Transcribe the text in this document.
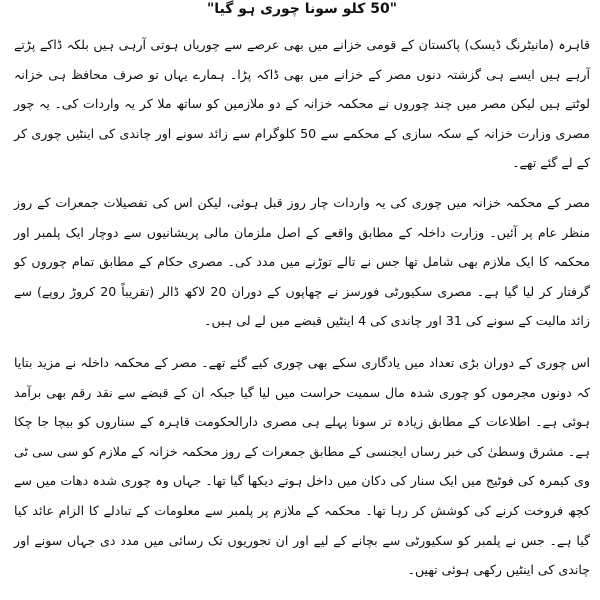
"50 کلو سونا چوری ہو گیا"

قاہرہ (مانیٹرنگ ڈیسک) پاکستان کے قومی خزانے میں بھی عرصے سے چوریاں ہوتی آرہی ہیں بلکہ ڈاکے پڑتے آرہے ہیں ایسے ہی گزشتہ دنوں مصر کے خزانے میں بھی ڈاکہ پڑا۔ ہمارے یہاں تو صرف محافظ ہی خزانہ لوٹتے ہیں لیکن مصر میں چند چوروں نے محکمہ خزانہ کے دو ملازمین کو ساتھ ملا کر یہ واردات کی۔ یہ چور مصری وزارت خزانہ کے سکہ سازی کے محکمے سے 50 کلوگرام سے زائد سونے اور چاندی کی اینٹیں چوری کر کے لے گئے تھے۔

مصر کے محکمہ خزانہ میں چوری کی یہ واردات چار روز قبل ہوئی، لیکن اس کی تفصیلات جمعرات کے روز منظر عام پر آئیں۔ وزارت داخلہ کے مطابق واقعے کے اصل ملزمان مالی پریشانیوں سے دوچار ایک پلمبر اور محکمہ کا ایک ملازم بھی شامل تھا جس نے تالے توڑنے میں مدد کی۔ مصری حکام کے مطابق تمام چوروں کو گرفتار کر لیا گیا ہے۔ مصری سکیورٹی فورسز نے چھاپوں کے دوران 20 لاکھ ڈالر (تقریباً 20 کروڑ روپے) سے زائد مالیت کے سونے کی 31 اور چاندی کی 4 اینٹیں قبضے میں لے لی ہیں۔

اس چوری کے دوران بڑی تعداد میں یادگاری سکے بھی چوری کیے گئے تھے۔ مصر کے محکمہ داخلہ نے مزید بتایا کہ دونوں مجرموں کو چوری شدہ مال سمیت حراست میں لیا گیا جبکہ ان کے قبضے سے نقد رقم بھی برآمد ہوئی ہے۔ اطلاعات کے مطابق زیادہ تر سونا پہلے ہی مصری دارالحکومت قاہرہ کے سناروں کو بیچا جا چکا ہے۔ مشرق وسطیٰ کی خبر رساں ایجنسی کے مطابق جمعرات کے روز محکمہ خزانہ کے ملازم کو سی سی ٹی وی کیمرہ کی فوٹیج میں ایک سنار کی دکان میں داخل ہوتے دیکھا گیا تھا۔ جہاں وہ چوری شدہ دھات میں سے کچھ فروخت کرنے کی کوشش کر رہا تھا۔ محکمہ کے ملازم پر پلمبر سے معلومات کے تبادلے کا الزام عائد کیا گیا ہے۔ جس نے پلمبر کو سکیورٹی سے بچانے کے لیے اور ان تجوریوں تک رسائی میں مدد دی جہاں سونے اور چاندی کی اینٹیں رکھی ہوئی تھیں۔
